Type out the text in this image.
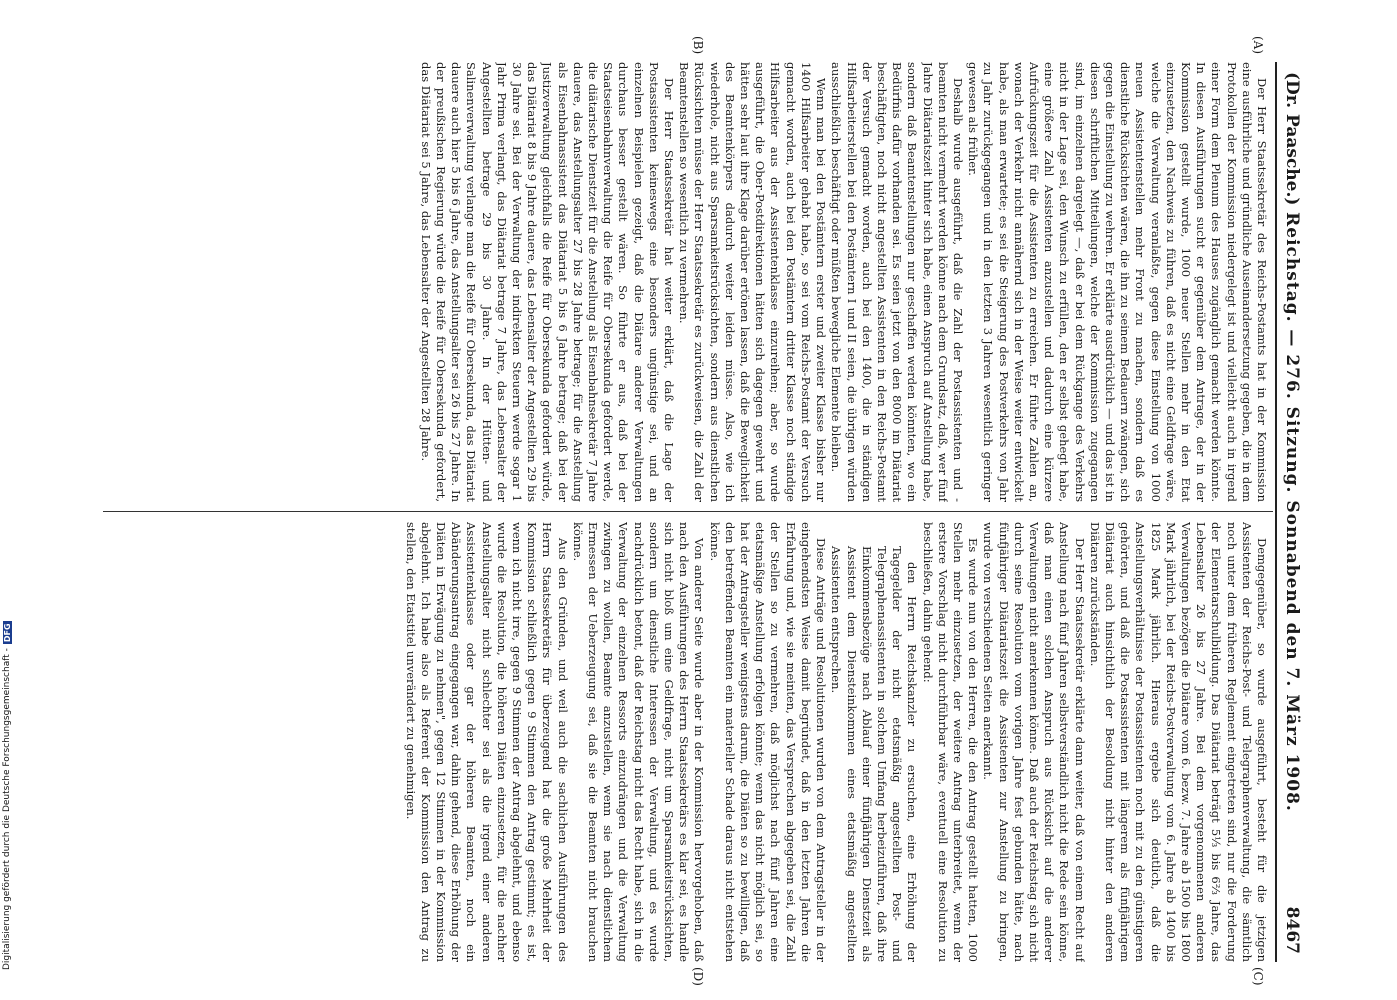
(Dr. Paasche.)
Reichstag. — 276. Sitzung. Sonnabend den 7. März 1908.
8467
(A)
(B)
(C)
(D)

Der Herr Staatssekretär des Reichs-Postamts hat in der Kommission eine ausführliche und gründliche Auseinandersetzung gegeben, die in dem Protokollen der Kommission niedergelegt ist und vielleicht auch in irgend einer Form dem Plenum des Hauses zugänglich gemacht werden könnte. In diesen Ausführungen sucht er gegenüber dem Antrage, der in der Kommission gestellt wurde, 1000 neuer Stellen mehr in den Etat einzusetzen, den Nachweis zu führen, daß es nicht eine Geldfrage wäre, welche die Verwaltung veranlaßte, gegen diese Einstellung von 1000 neuen Assistentenstellen mehr Front zu machen, sondern daß es dienstliche Rücksichten wären, die ihn zu seinem Bedauern zwängen, sich gegen die Einstellung zu wehren. Er erklärte ausdrücklich — und das ist in diesen schriftlichen Mitteilungen, welche der Kommission zugegangen sind, im einzelnen dargelegt —, daß er bei dem Rückgange des Verkehrs nicht in der Lage sei, den Wunsch zu erfüllen, den er selbst gehegt habe, eine größere Zahl Assistenten anzustellen und dadurch eine kürzere Aufrückungszeit für die Assistenten zu erreichen. Er führte Zahlen an, wonach der Verkehr nicht annähernd sich in der Weise weiter entwickelt habe, als man erwartete; es sei die Steigerung des Postverkehrs von Jahr zu Jahr zurückgegangen und in den letzten 3 Jahren wesentlich geringer gewesen als früher.

Deshalb wurde ausgeführt, daß die Zahl der Postassistenten und -beamten nicht vermehrt werden könne nach dem Grundsatz, daß, wer fünf Jahre Diätariatszeit hinter sich habe, einen Anspruch auf Anstellung habe, sondern daß Beamtenstellungen nur geschaffen werden könnten, wo ein Bedürfnis dafür vorhanden sei. Es seien jetzt von den 8000 im Diätariat beschäftigten, noch nicht angestellten Assistenten in den Reichs-Postamt der Versuch gemacht worden, auch bei den 1400, die in ständigen Hilfsarbeiterstellen bei den Postämtern I und II seien, die übrigen würden ausschließlich beschäftigt oder müßten bewegliche Elemente bleiben.

Wenn man bei den Postämtern erster und zweiter Klasse bisher nur 1400 Hilfsarbeiter gehabt habe, so sei vom Reichs-Postamt der Versuch gemacht worden, auch bei den Postämtern dritter Klasse noch ständige Hilfsarbeiter aus der Assistentenklasse einzureihen; aber, so wurde ausgeführt, die Ober-Postdirektionen hätten sich dagegen gewehrt und hätten sehr laut ihre Klage darüber ertönen lassen, daß die Beweglichkeit des Beamtenkörpers dadurch weiter leiden müsse. Also, wie ich wiederhole, nicht aus Sparsamkeitsrücksichten, sondern aus dienstlichen Rücksichten müsse der Herr Staatssekretär es zurückweisen, die Zahl der Beamtenstellen so wesentlich zu vermehren.

Der Herr Staatssekretär hat weiter erklärt, daß die Lage der Postassistenten keineswegs eine besonders ungünstige sei, und an einzelnen Beispielen gezeigt, daß die Diätare anderer Verwaltungen durchaus besser gestellt wären. So führte er aus, daß bei der Staatseisenbahnverwaltung die Reife für Obersekunda gefordert werde, die diätarische Dienstzeit für die Anstellung als Eisenbahnsekretär 7 Jahre dauere, das Anstellungsalter 27 bis 28 Jahre betrage; für die Anstellung als Eisenbahnassistent das Diätariat 5 bis 6 Jahre betrage; daß bei der Justizverwaltung gleichfalls die Reife für Obersekunda gefordert würde, das Diätariat 8 bis 9 Jahre dauere, das Lebensalter der Angestellten 29 bis 30 Jahre sei. Bei der Verwaltung der indirekten Steuern werde sogar 1 Jahr Prima verlangt, das Diätariat betrage 7 Jahre, das Lebensalter der Angestellten betrage 29 bis 30 Jahre. In der Hütten- und Salinenverwaltung verlange man die Reife für Obersekunda, das Diätariat dauere auch hier 5 bis 6 Jahre, das Anstellungsalter sei 26 bis 27 Jahre. In der preußischen Regierung würde die Reife für Obersekunda gefordert, das Diätariat sei 5 Jahre, das Lebensalter der Angestellten 28 Jahre.

Demgegenüber, so wurde ausgeführt, besteht für die jetzigen Assistenten der Reichs-Post- und Telegraphenverwaltung, die sämtlich noch unter dem früheren Reglement eingetreten sind, nur die Forderung der Elementarschulbildung. Das Diätariat beträgt 5⅓ bis 6⅔ Jahre, das Lebensalter 26 bis 27 Jahre. Bei dem vorgenommenen anderen Verwaltungen bezögen die Diätare vom 6. bezw. 7. Jahre ab 1500 bis 1800 Mark jährlich, bei der Reichs-Postverwaltung vom 6. Jahre ab 1400 bis 1825 Mark jährlich. Hieraus ergebe sich deutlich, daß die Anstellungsverhältnisse der Postassistenten noch mit zu den günstigeren gehörten, und daß die Postassistenten mit längerem als fünfjährigem Diätariat auch hinsichtlich der Besoldung nicht hinter den anderen Diätaren zurückständen.

Der Herr Staatssekretär erklärte dann weiter, daß von einem Recht auf Anstellung nach fünf Jahren selbstverständlich nicht die Rede sein könne, daß man einen solchen Anspruch aus Rücksicht auf die anderer Verwaltungen nicht anerkennen könne. Daß auch der Reichstag sich nicht durch seine Resolution vom vorigen Jahre fest gebunden hätte, nach fünfjähriger Diätariatszeit die Assistenten zur Anstellung zu bringen, wurde von verschiedenen Seiten anerkannt.

Es wurde nun von den Herren, die den Antrag gestellt hatten, 1000 Stellen mehr einzusetzen, der weitere Antrag unterbreitet, wenn der erstere Vorschlag nicht durchführbar wäre, eventuell eine Resolution zu beschließen, dahin gehend:

den Herrn Reichskanzler zu ersuchen, eine Erhöhung der Tagegelder der nicht etatsmäßig angestellten Post- und Telegraphenassistenten in solchem Umfang herbeizuführen, daß ihre Einkommensbezüge nach Ablauf einer fünfjährigen Dienstzeit als Assistent dem Diensteinkommen eines etatsmäßig angestellten Assistenten entsprechen.

Diese Anträge und Resolutionen wurden von dem Antragsteller in der eingehendsten Weise damit begründet, daß in den letzten Jahren die Erfahrung und, wie sie meinten, das Versprechen abgegeben sei, die Zahl der Stellen so zu vermehren, daß möglichst nach fünf Jahren eine etatsmäßige Anstellung erfolgen könnte; wenn das nicht möglich sei, so hat der Antragsteller wenigstens darum, die Diäten so zu bewilligen, daß den betreffenden Beamten ein materieller Schade daraus nicht entstehen könne.

Von anderer Seite wurde aber in der Kommission hervorgehoben, daß nach den Ausführungen des Herrn Staatssekretärs es klar sei, es handle sich nicht bloß um eine Geldfrage, nicht um Sparsamkeitsrücksichten, sondern um dienstliche Interessen der Verwaltung, und es wurde nachdrücklich betont, daß der Reichstag nicht das Recht habe, sich in die Verwaltung der einzelnen Ressorts einzudrängen und die Verwaltung zwingen zu wollen, Beamte anzustellen, wenn sie nach dienstlichem Ermessen der Ueberzeugung sei, daß sie die Beamten nicht brauchen könne.

Aus den Gründen, und weil auch die sachlichen Ausführungen des Herrn Staatssekretärs für überzeugend hat die große Mehrheit der Kommission schließlich gegen 9 Stimmen den Antrag gestimmt; es ist, wenn ich nicht irre, gegen 9 Stimmen der Antrag abgelehnt, und ebenso wurde die Resolution, die höheren Diäten einzusetzen, für die nachher Anstellungsalter nicht schlechter sei als die irgend einer anderen Assistentenklasse oder gar der höheren Beamten, noch ein Abänderungsantrag eingegangen war, dahin gehend, diese Erhöhung der Diäten in Erwägung zu nehmen", gegen 12 Stimmen in der Kommission abgelehnt. Ich habe also als Referent der Kommission den Antrag zu stellen, den Etatstitel unverändert zu genehmigen.

Digitalisierung gefördert durch die Deutsche Forschungsgemeinschaft -
DFG
